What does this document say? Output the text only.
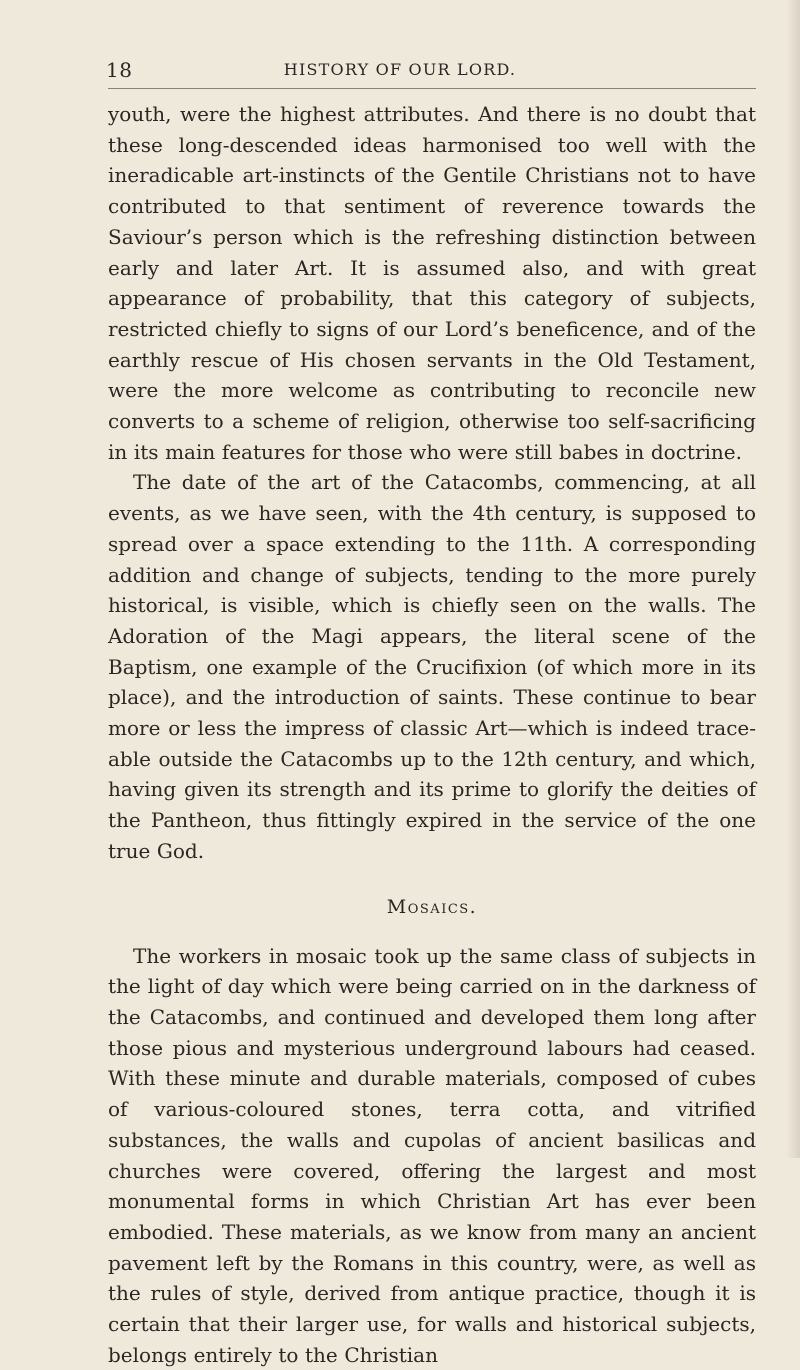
18	HISTORY OF OUR LORD.

youth, were the highest attributes. And there is no doubt that these long-descended ideas harmonised too well with the ineradicable art-instincts of the Gentile Christians not to have contributed to that sentiment of reverence towards the Saviour’s person which is the refreshing distinction between early and later Art. It is assumed also, and with great appearance of probability, that this category of subjects, restricted chiefly to signs of our Lord’s beneficence, and of the earthly rescue of His chosen servants in the Old Testament, were the more welcome as contributing to reconcile new converts to a scheme of religion, otherwise too self-sacrificing in its main features for those who were still babes in doctrine.

The date of the art of the Catacombs, commencing, at all events, as we have seen, with the 4th century, is supposed to spread over a space extending to the 11th. A corresponding addition and change of subjects, tending to the more purely historical, is visible, which is chiefly seen on the walls. The Adoration of the Magi appears, the literal scene of the Baptism, one example of the Crucifixion (of which more in its place), and the introduction of saints. These continue to bear more or less the impress of classic Art—which is indeed trace-able outside the Catacombs up to the 12th century, and which, having given its strength and its prime to glorify the deities of the Pantheon, thus fittingly expired in the service of the one true God.

Mosaics.

The workers in mosaic took up the same class of subjects in the light of day which were being carried on in the darkness of the Catacombs, and continued and developed them long after those pious and mysterious underground labours had ceased. With these minute and durable materials, composed of cubes of various-coloured stones, terra cotta, and vitrified substances, the walls and cupolas of ancient basilicas and churches were covered, offering the largest and most monumental forms in which Christian Art has ever been embodied. These materials, as we know from many an ancient pavement left by the Romans in this country, were, as well as the rules of style, derived from antique practice, though it is certain that their larger use, for walls and historical subjects, belongs entirely to the Christian
